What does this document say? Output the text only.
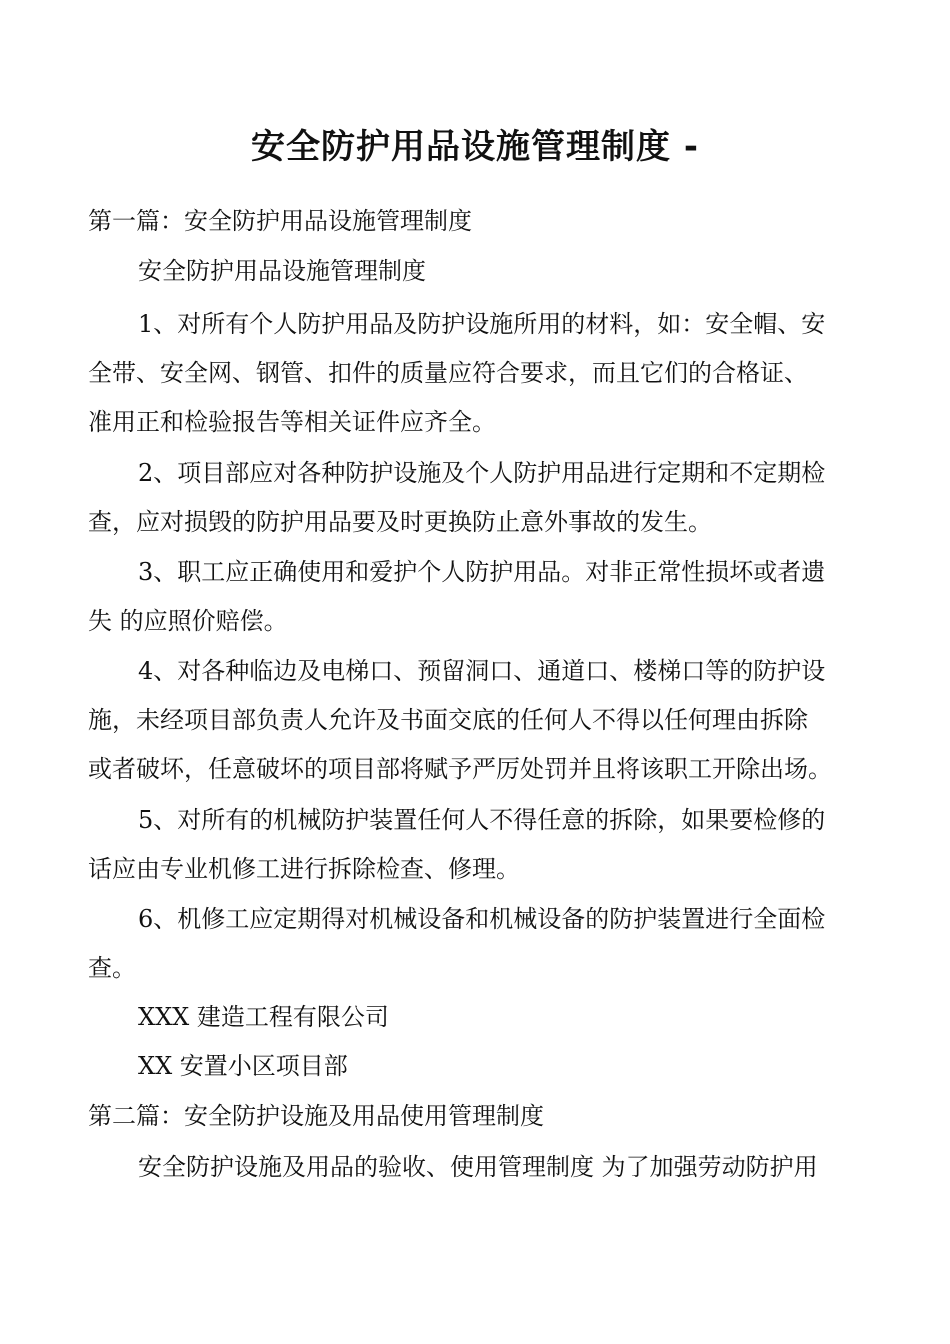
安全防护用品设施管理制度 -
第一篇：安全防护用品设施管理制度
安全防护用品设施管理制度
1、对所有个人防护用品及防护设施所用的材料，如：安全帽、安
全带、安全网、钢管、扣件的质量应符合要求，而且它们的合格证、
准用正和检验报告等相关证件应齐全。
2、项目部应对各种防护设施及个人防护用品进行定期和不定期检
查，应对损毁的防护用品要及时更换防止意外事故的发生。
3、职工应正确使用和爱护个人防护用品。对非正常性损坏或者遗
失 的应照价赔偿。
4、对各种临边及电梯口、预留洞口、通道口、楼梯口等的防护设
施，未经项目部负责人允许及书面交底的任何人不得以任何理由拆除
或者破坏，任意破坏的项目部将赋予严厉处罚并且将该职工开除出场。
5、对所有的机械防护装置任何人不得任意的拆除，如果要检修的
话应由专业机修工进行拆除检查、修理。
6、机修工应定期得对机械设备和机械设备的防护装置进行全面检
查。
XXX 建造工程有限公司
XX 安置小区项目部
第二篇：安全防护设施及用品使用管理制度
安全防护设施及用品的验收、使用管理制度 为了加强劳动防护用
